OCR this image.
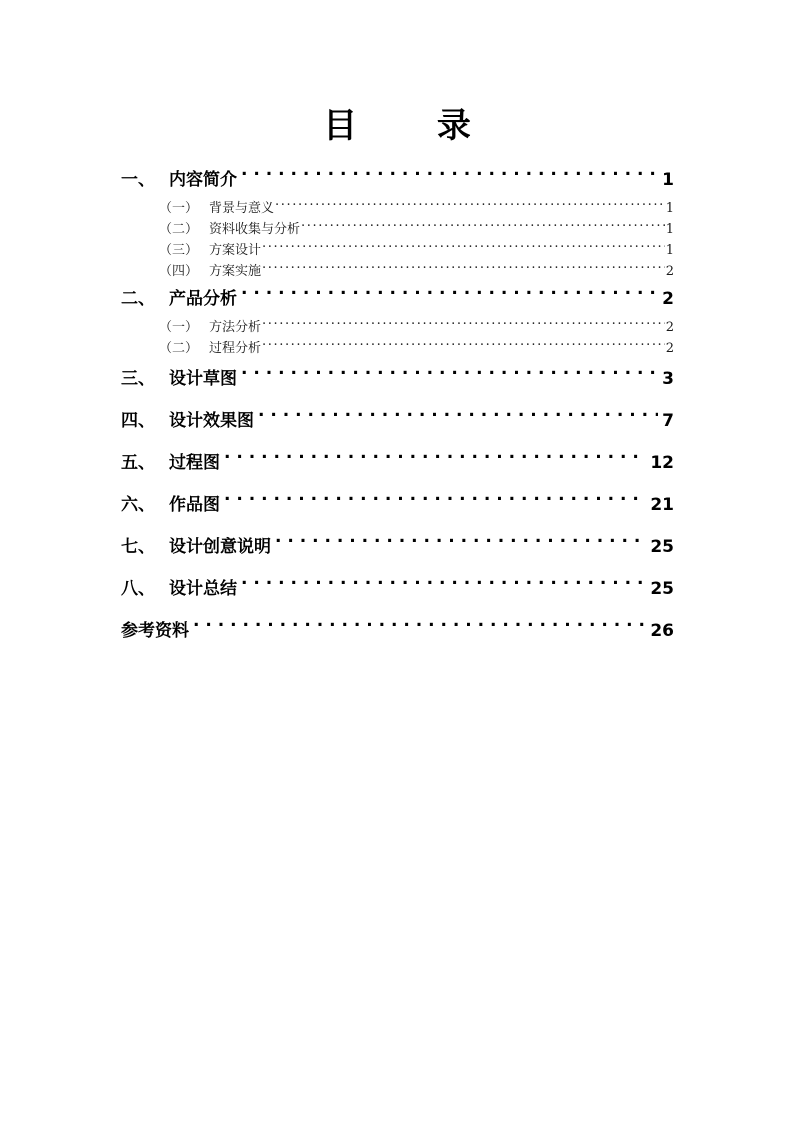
目 录
一、 内容简介 . . .	1
（一） 背景与意义 .....	1
（二） 资料收集与分析 .....	1
（三） 方案设计 .....	1
（四） 方案实施 .....	2
二、 产品分析 . . .	2
（一） 方法分析 .....	2
（二） 过程分析 .....	2
三、 设计草图 . . .	3
四、 设计效果图 . . .	7
五、 过程图 . . .	12
六、 作品图 . . .	21
七、 设计创意说明 . . .	25
八、 设计总结 . . .	25
参考资料 . . .	26
